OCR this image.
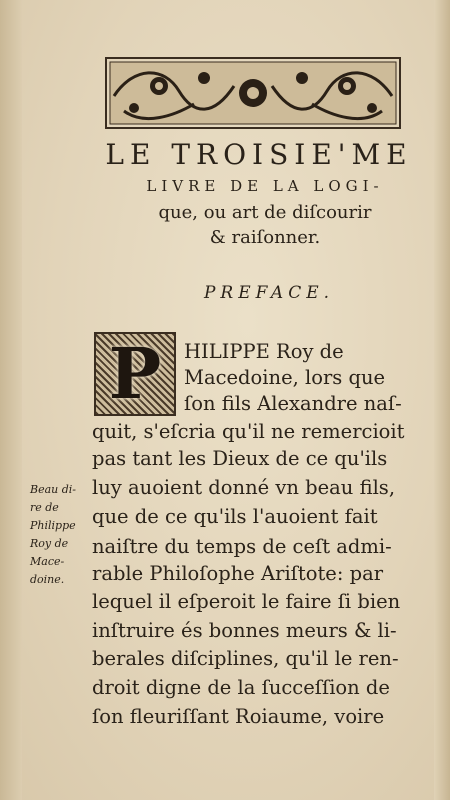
LE TROISIE'ME
LIVRE DE LA LOGI-
que, ou art de diſcourir
& raiſonner.
PREFACE.
P	HILIPPE Roy de
Macedoine, lors que
ſon fils Alexandre naſ-
quit, s'eſcria qu'il ne remercioit
pas tant les Dieux de ce qu'ils
luy auoient donné vn beau fils,
que de ce qu'ils l'auoient fait
naiſtre du temps de ceſt admi-
rable Philoſophe Ariſtote: par
lequel il eſperoit le faire ſi bien
inſtruire és bonnes meurs & li-
berales diſciplines, qu'il le ren-
droit digne de la ſucceſſion de
ſon fleuriſſant Roiaume, voire
Beau di-
re de
Philippe
Roy de
Mace-
doine.
